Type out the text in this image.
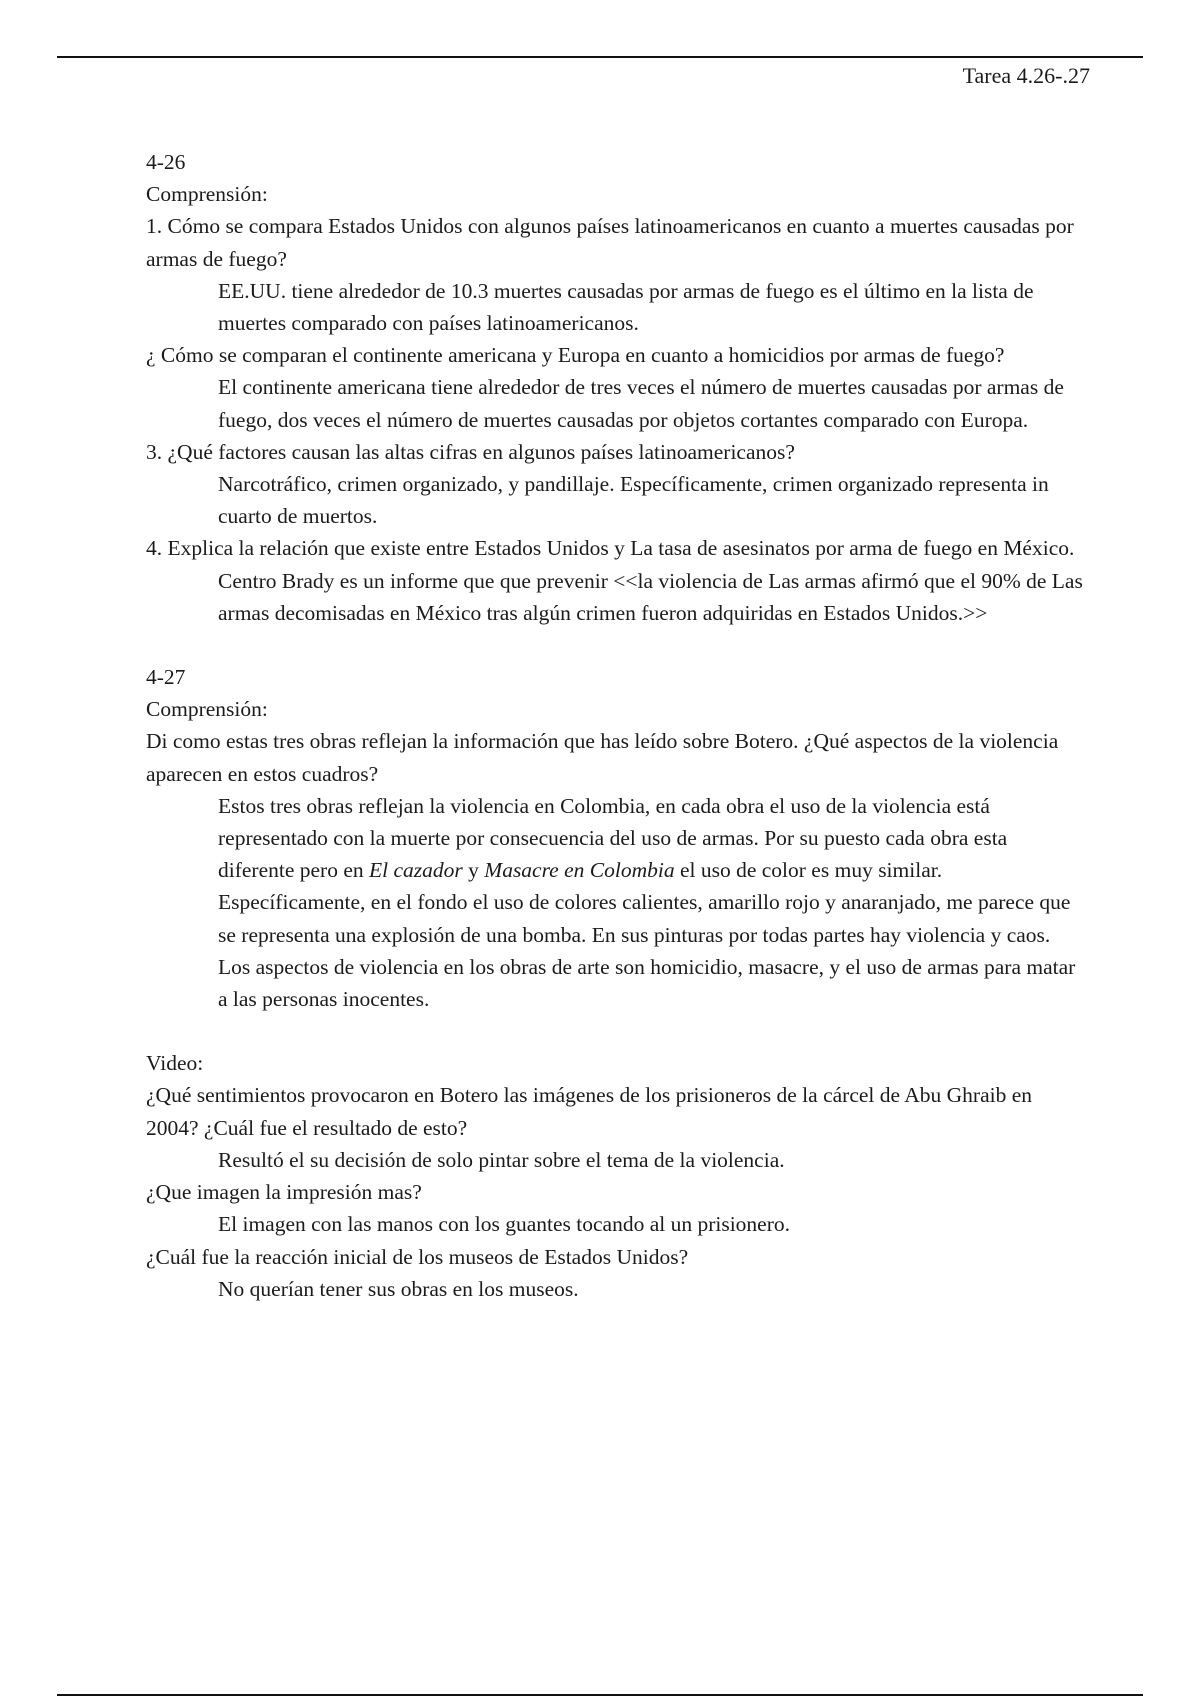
Tarea 4.26-.27

4-26

Comprensión:

1. Cómo se compara Estados Unidos con algunos países latinoamericanos en cuanto a muertes causadas por armas de fuego?

EE.UU. tiene alrededor de 10.3 muertes causadas por armas de fuego es el último en la lista de muertes comparado con países latinoamericanos.

¿ Cómo se comparan el continente americana y Europa en cuanto a homicidios por armas de fuego?

El continente americana tiene alrededor de tres veces el número de muertes causadas por armas de fuego, dos veces el número de muertes causadas por objetos cortantes comparado con Europa.

3. ¿Qué factores causan las altas cifras en algunos países latinoamericanos?

Narcotráfico, crimen organizado, y pandillaje. Específicamente, crimen organizado representa in cuarto de muertos.

4. Explica la relación que existe entre Estados Unidos y La tasa de asesinatos por arma de fuego en México.

Centro Brady es un informe que que prevenir <<la violencia de Las armas afirmó que el 90% de Las armas decomisadas en México tras algún crimen fueron adquiridas en Estados Unidos.>>

4-27

Comprensión:

Di como estas tres obras reflejan la información que has leído sobre Botero. ¿Qué aspectos de la violencia aparecen en estos cuadros?

Estos tres obras reflejan la violencia en Colombia, en cada obra el uso de la violencia está representado con la muerte por consecuencia del uso de armas. Por su puesto cada obra esta diferente pero en El cazador y Masacre en Colombia el uso de color es muy similar. Específicamente, en el fondo el uso de colores calientes, amarillo rojo y anaranjado, me parece que se representa una explosión de una bomba. En sus pinturas por todas partes hay violencia y caos.

Los aspectos de violencia en los obras de arte son homicidio, masacre, y el uso de armas para matar a las personas inocentes.

Video:

¿Qué sentimientos provocaron en Botero las imágenes de los prisioneros de la cárcel de Abu Ghraib en 2004? ¿Cuál fue el resultado de esto?

Resultó el su decisión de solo pintar sobre el tema de la violencia.

¿Que imagen la impresión mas?

El imagen con las manos con los guantes tocando al un prisionero.

¿Cuál fue la reacción inicial de los museos de Estados Unidos?

No querían tener sus obras en los museos.
